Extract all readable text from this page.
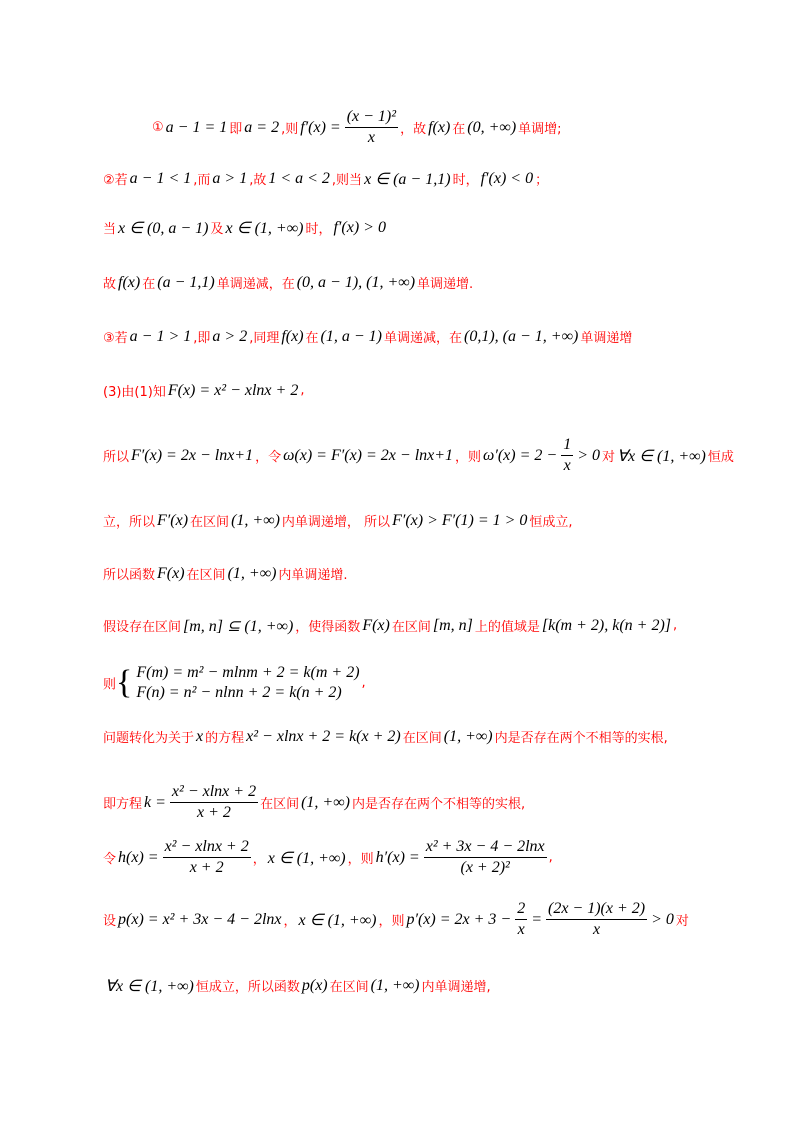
① a − 1 = 1 即 a = 2 ,则 $f'(x) = \frac{\text{(x − 1)²}}{x}$ ，故 f(x) 在 (0, +∞) 单调增;
②若 a − 1 < 1 ,而 a > 1 ,故 1 < a < 2 ,则当 x ∈ (a − 1,1) 时， f′(x) < 0 ；
当 x ∈ (0, a − 1) 及 x ∈ (1, +∞) 时， f′(x) > 0
故 f(x) 在 (a − 1,1) 单调递减，在 (0, a − 1), (1, +∞) 单调递增.
③若 a − 1 > 1 ,即 a > 2 ,同理 f(x) 在 (1, a − 1) 单调递减，在 (0,1), (a − 1, +∞) 单调递增
(3)由(1)知 F(x) = x² − xlnx + 2 ,
所以 F′(x) = 2x − lnx+1 ，令 ω(x) = F′(x) = 2x − lnx+1 ，则 $\omega'(x) = 2 - \frac{1}{x} > 0$ 对 ∀x ∈ (1, +∞) 恒成
立，所以 F′(x) 在区间 (1, +∞) 内单调递增， 所以 F′(x) > F′(1) = 1 > 0 恒成立,
所以函数 F(x) 在区间 (1, +∞) 内单调递增.
假设存在区间 [m, n] ⊆ (1, +∞) ，使得函数 F(x) 在区间 [m, n] 上的值域是 [k(m + 2), k(n + 2)] ,
则 { F(m) = m² − mlnm + 2 = k(m + 2)
F(n) = n² − nlnn + 2 = k(n + 2)
,
问题转化为关于 x 的方程 x² − xlnx + 2 = k(x + 2) 在区间 (1, +∞) 内是否存在两个不相等的实根,
即方程 $k = \frac{\text{x² − xlnx + 2}}{x + 2}$ 在区间 (1, +∞) 内是否存在两个不相等的实根,
令 $h(x) = \frac{\text{x² − xlnx + 2}}{x + 2}$ ， x ∈ (1, +∞) ，则 $h'(x) = \frac{\text{x² + 3x − 4 − 2lnx}}{\text{(x + 2)²}}$ ,
设 p(x) = x² + 3x − 4 − 2lnx ， x ∈ (1, +∞) ，则 $p'(x) = 2x + 3 - \frac{2}{x} = \frac{(2x - 1)(x + 2)}{x} > 0$ 对
∀x ∈ (1, +∞) 恒成立，所以函数 p(x) 在区间 (1, +∞) 内单调递增,
